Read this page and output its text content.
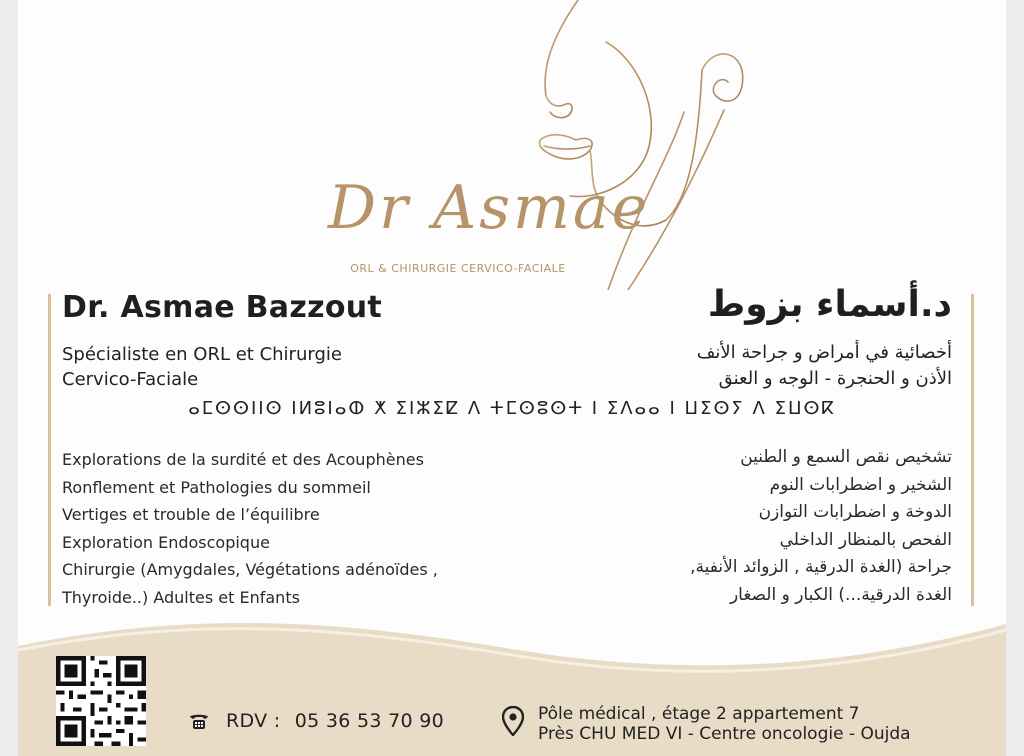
Dr Asmae
ORL & CHIRURGIE CERVICO-FACIALE
Dr. Asmae Bazzout	د.أسماء بزوط
Spécialiste en ORL et Chirurgie
Cervico-Faciale
أخصائية في أمراض و جراحة الأنف
الأذن و الحنجرة - الوجه و العنق
ⴰⵎⵙⵙⵏⵏⵙ ⵏⵍⵓⵏⴰⵀ ⵅ ⵉⵏⵣⵉⵇ ⴷ ⵜⵎⵙⵓⵙⵜ ⵏ ⵉⴷⴰⴰ ⵏ ⵡⵉⵙⵢ ⴷ ⵉⵡⵙⴽ
Explorations de la surdité et des Acouphènes
Ronflement et Pathologies du sommeil
Vertiges et trouble de l’équilibre
Exploration Endoscopique
Chirurgie (Amygdales, Végétations adénoïdes ,
Thyroide..) Adultes et Enfants
تشخيص نقص السمع و الطنين
الشخير و اضطرابات النوم
الدوخة و اضطرابات التوازن
الفحص بالمنظار الداخلي
جراحة (الغدة الدرقية , الزوائد الأنفية,
الغدة الدرقية...) الكبار و الصغار
RDV : 05 36 53 70 90	Pôle médical , étage 2 appartement 7
Près CHU MED VI - Centre oncologie - Oujda
